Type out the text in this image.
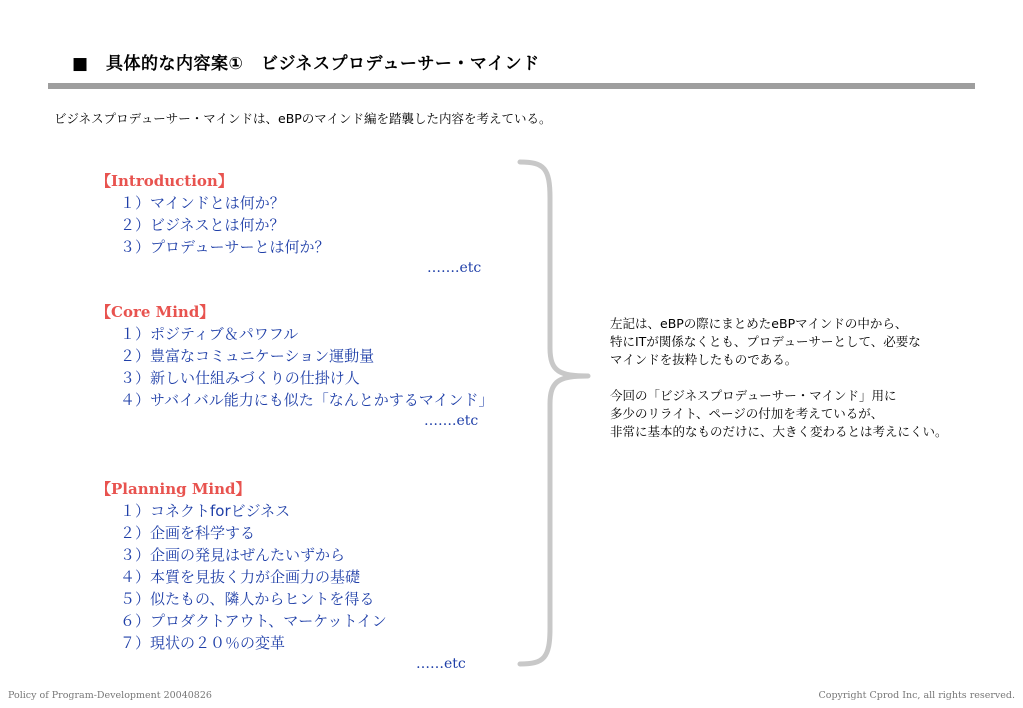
■　具体的な内容案①　ビジネスプロデューサー・マインド
ビジネスプロデューサー・マインドは、eBPのマインド編を踏襲した内容を考えている。
【Introduction】
１）マインドとは何か？
２）ビジネスとは何か？
３）プロデューサーとは何か？
…….etc
【Core Mind】
１）ポジティブ＆パワフル
２）豊富なコミュニケーション運動量
３）新しい仕組みづくりの仕掛け人
４）サバイバル能力にも似た「なんとかするマインド」
…….etc
【Planning Mind】
１）コネクトforビジネス
２）企画を科学する
３）企画の発見はぜんたいずから
４）本質を見抜く力が企画力の基礎
５）似たもの、隣人からヒントを得る
６）プロダクトアウト、マーケットイン
７）現状の２０％の変革
……etc
左記は、eBPの際にまとめたeBPマインドの中から、
特にITが関係なくとも、プロデューサーとして、必要な
マインドを抜粋したものである。
今回の「ビジネスプロデューサー・マインド」用に
多少のリライト、ページの付加を考えているが、
非常に基本的なものだけに、大きく変わるとは考えにくい。
Policy of Program-Development 20040826	Copyright Cprod Inc, all rights reserved.
